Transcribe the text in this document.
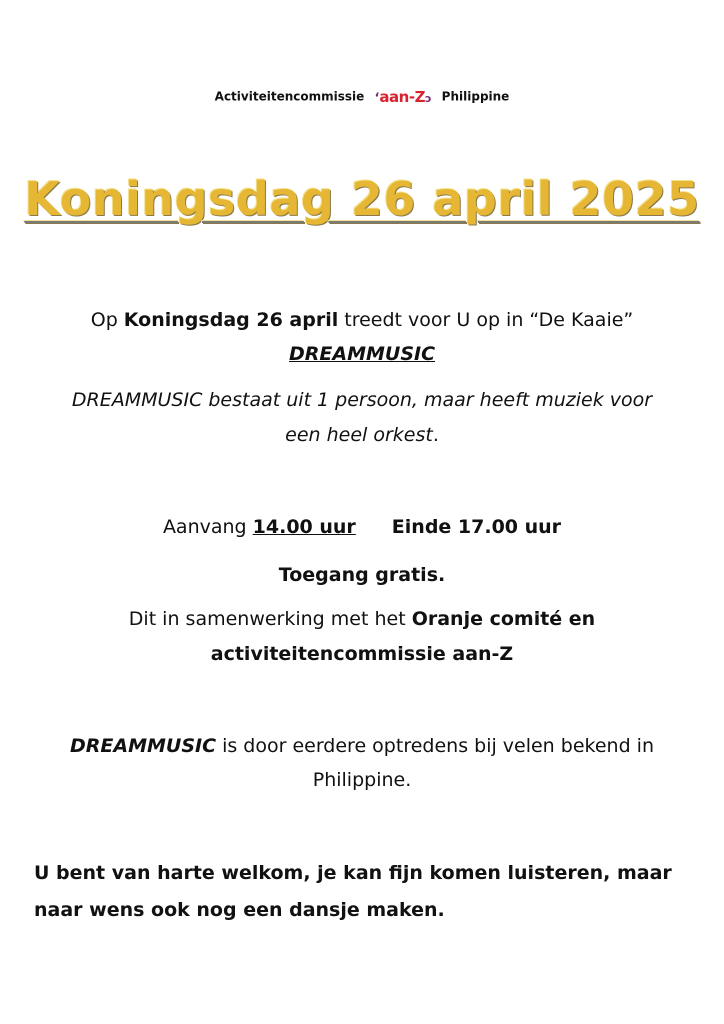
Activiteitencommissie ʻaan-Zↄ Philippine
Koningsdag 26 april 2025
Op Koningsdag 26 april treedt voor U op in “De Kaaie”
DREAMMUSIC
DREAMMUSIC bestaat uit 1 persoon, maar heeft muziek voor
een heel orkest.
Aanvang 14.00 uur Einde 17.00 uur
Toegang gratis.
Dit in samenwerking met het Oranje comité en
activiteitencommissie aan-Z
DREAMMUSIC is door eerdere optredens bij velen bekend in
Philippine.
U bent van harte welkom, je kan fijn komen luisteren, maar
naar wens ook nog een dansje maken.
